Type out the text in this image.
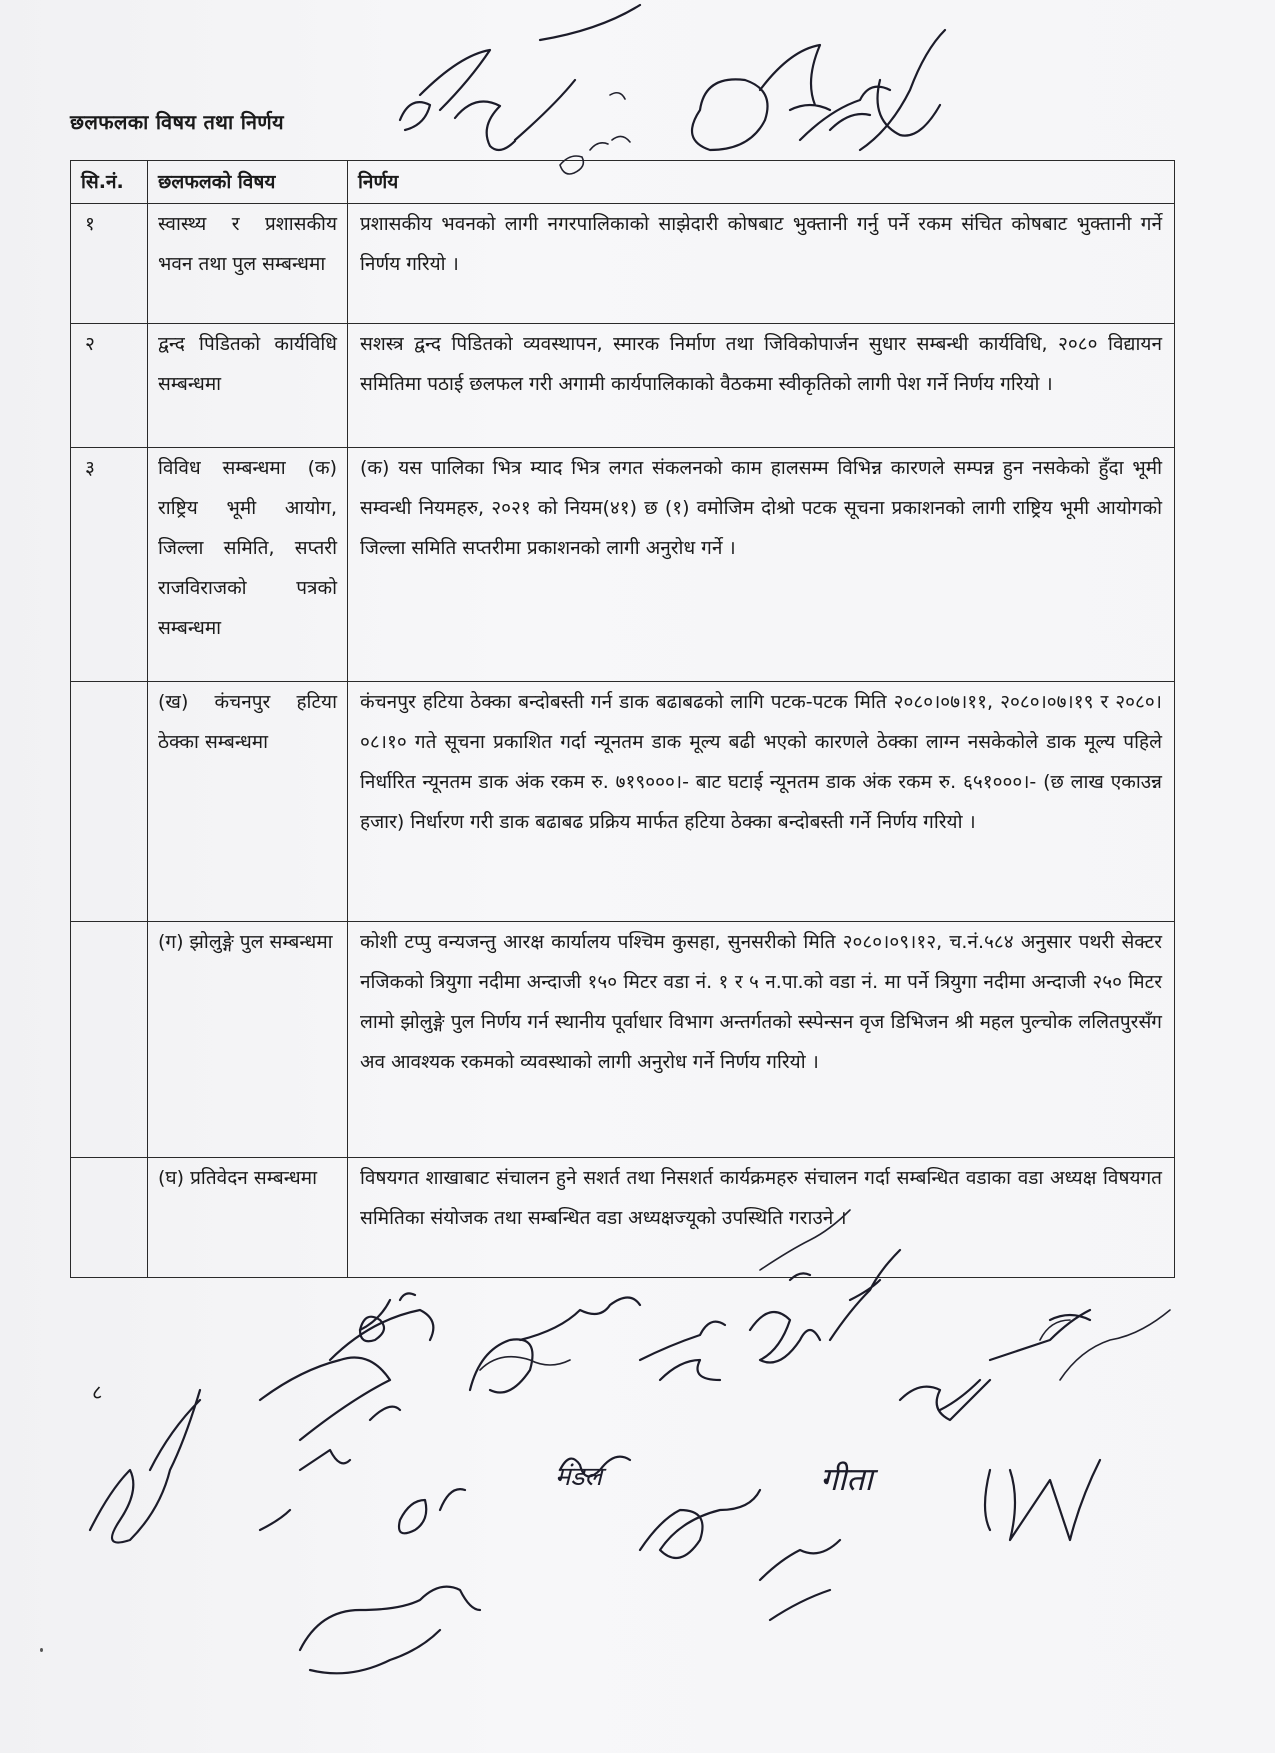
छलफलका विषय तथा निर्णय
सि.नं.	छलफलको विषय	निर्णय
१	स्वास्थ्य र प्रशासकीय भवन तथा पुल सम्बन्धमा	प्रशासकीय भवनको लागी नगरपालिकाको साझेदारी कोषबाट भुक्तानी गर्नु पर्ने रकम संचित कोषबाट भुक्तानी गर्ने निर्णय गरियो ।
२	द्वन्द पिडितको कार्यविधि सम्बन्धमा	सशस्त्र द्वन्द पिडितको व्यवस्थापन, स्मारक निर्माण तथा जिविकोपार्जन सुधार सम्बन्धी कार्यविधि, २०८० विद्यायन समितिमा पठाई छलफल गरी अगामी कार्यपालिकाको वैठकमा स्वीकृतिको लागी पेश गर्ने निर्णय गरियो ।
३	विविध सम्बन्धमा (क) राष्ट्रिय भूमी आयोग, जिल्ला समिति, सप्तरी राजविराजको पत्रको सम्बन्धमा	(क) यस पालिका भित्र म्याद भित्र लगत संकलनको काम हालसम्म विभिन्न कारणले सम्पन्न हुन नसकेको हुँदा भूमी सम्वन्धी नियमहरु, २०२१ को नियम(४१) छ (१) वमोजिम दोश्रो पटक सूचना प्रकाशनको लागी राष्ट्रिय भूमी आयोगको जिल्ला समिति सप्तरीमा प्रकाशनको लागी अनुरोध गर्ने ।
	(ख) कंचनपुर हटिया ठेक्का सम्बन्धमा	कंचनपुर हटिया ठेक्का बन्दोबस्ती गर्न डाक बढाबढको लागि पटक-पटक मिति २०८०।०७।११, २०८०।०७।१९ र २०८०।०८।१० गते सूचना प्रकाशित गर्दा न्यूनतम डाक मूल्य बढी भएको कारणले ठेक्का लाग्न नसकेकोले डाक मूल्य पहिले निर्धारित न्यूनतम डाक अंक रकम रु. ७१९०००।- बाट घटाई न्यूनतम डाक अंक रकम रु. ६५१०००।- (छ लाख एकाउन्न हजार) निर्धारण गरी डाक बढाबढ प्रक्रिय मार्फत हटिया ठेक्का बन्दोबस्ती गर्ने निर्णय गरियो ।
	(ग) झोलुङ्गे पुल सम्बन्धमा	कोशी टप्पु वन्यजन्तु आरक्ष कार्यालय पश्चिम कुसहा, सुनसरीको मिति २०८०।०९।१२, च.नं.५८४ अनुसार पथरी सेक्टर नजिकको त्रियुगा नदीमा अन्दाजी १५० मिटर वडा नं. १ र ५ न.पा.को वडा नं. मा पर्ने त्रियुगा नदीमा अन्दाजी २५० मिटर लामो झोलुङ्गे पुल निर्णय गर्न स्थानीय पूर्वाधार विभाग अन्तर्गतको स्स्पेन्सन वृज डिभिजन श्री महल पुल्चोक ललितपुरसँग अव आवश्यक रकमको व्यवस्थाको लागी अनुरोध गर्ने निर्णय गरियो ।
	(घ) प्रतिवेदन सम्बन्धमा	विषयगत शाखाबाट संचालन हुने सशर्त तथा निसशर्त कार्यक्रमहरु संचालन गर्दा सम्बन्धित वडाका वडा अध्यक्ष विषयगत समितिका संयोजक तथा सम्बन्धित वडा अध्यक्षज्यूको उपस्थिति गराउने ।
८
गीता
मंडल
